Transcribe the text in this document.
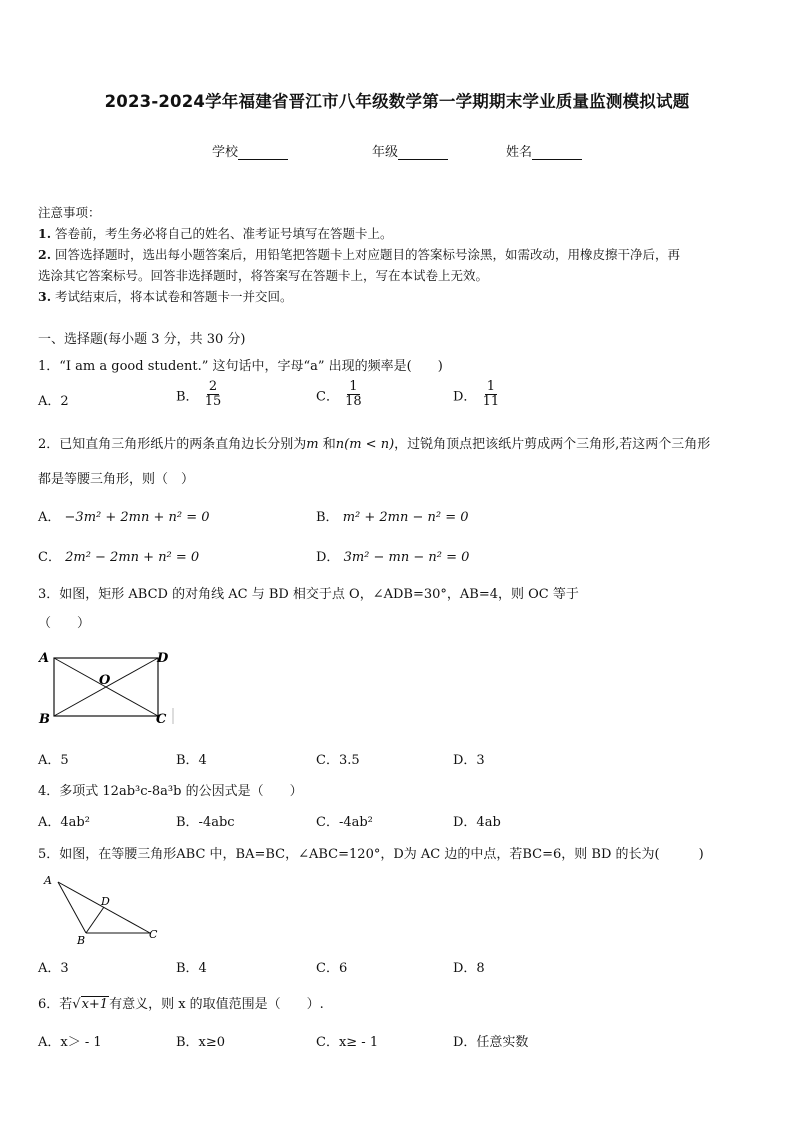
2023-2024学年福建省晋江市八年级数学第一学期期末学业质量监测模拟试题
学校	年级	姓名
注意事项：
1. 答卷前，考生务必将自己的姓名、准考证号填写在答题卡上。
2. 回答选择题时，选出每小题答案后，用铅笔把答题卡上对应题目的答案标号涂黑，如需改动，用橡皮擦干净后，再
选涂其它答案标号。回答非选择题时，将答案写在答题卡上，写在本试卷上无效。
3. 考试结束后，将本试卷和答题卡一并交回。
一、选择题(每小题 3 分，共 30 分)
1．“I am a good student.” 这句话中，字母“a” 出现的频率是(　　)
A．2	B． $\frac{2}{15}$	C． $\frac{1}{18}$	D． $\frac{1}{11}$
2．已知直角三角形纸片的两条直角边长分别为m 和n(m < n)，过锐角顶点把该纸片剪成两个三角形,若这两个三角形
都是等腰三角形，则（　）
A． −3m² + 2mn + n² = 0	B． m² + 2mn − n² = 0
C． 2m² − 2mn + n² = 0	D． 3m² − mn − n² = 0
3．如图，矩形 ABCD 的对角线 AC 与 BD 相交于点 O，∠ADB=30°，AB=4，则 OC 等于
（　　）
A	D
B	C
O
A．5	B．4	C．3.5	D．3
4．多项式 12ab³c-8a³b 的公因式是（　　）
A．4ab²	B．-4abc	C．-4ab²	D．4ab
5．如图，在等腰三角形ABC 中，BA=BC，∠ABC=120°，D为 AC 边的中点，若BC=6，则 BD 的长为(　　　)
A
D
B	C
A．3	B．4	C．6	D．8
6．若√x+1有意义，则 x 的取值范围是（　　）.
A．x＞ - 1	B．x≥0	C．x≥ - 1	D．任意实数
